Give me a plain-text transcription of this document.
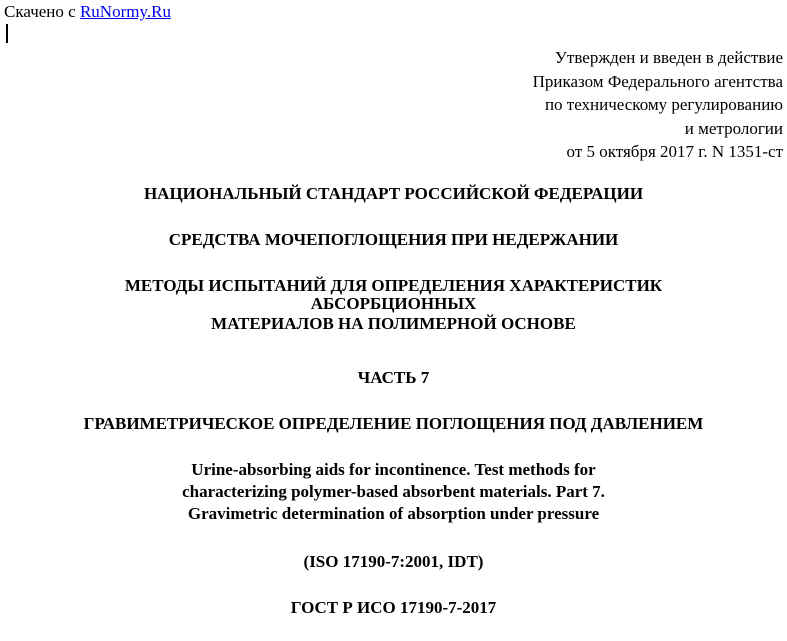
Скачено с RuNormy.Ru
Утвержден и введен в действие
Приказом Федерального агентства
по техническому регулированию
и метрологии
от 5 октября 2017 г. N 1351-ст
НАЦИОНАЛЬНЫЙ СТАНДАРТ РОССИЙСКОЙ ФЕДЕРАЦИИ
СРЕДСТВА МОЧЕПОГЛОЩЕНИЯ ПРИ НЕДЕРЖАНИИ
МЕТОДЫ ИСПЫТАНИЙ ДЛЯ ОПРЕДЕЛЕНИЯ ХАРАКТЕРИСТИК
АБСОРБЦИОННЫХ
МАТЕРИАЛОВ НА ПОЛИМЕРНОЙ ОСНОВЕ
ЧАСТЬ 7
ГРАВИМЕТРИЧЕСКОЕ ОПРЕДЕЛЕНИЕ ПОГЛОЩЕНИЯ ПОД ДАВЛЕНИЕМ
Urine-absorbing aids for incontinence. Test methods for
characterizing polymer-based absorbent materials. Part 7.
Gravimetric determination of absorption under pressure
(ISO 17190-7:2001, IDT)
ГОСТ Р ИСО 17190-7-2017
